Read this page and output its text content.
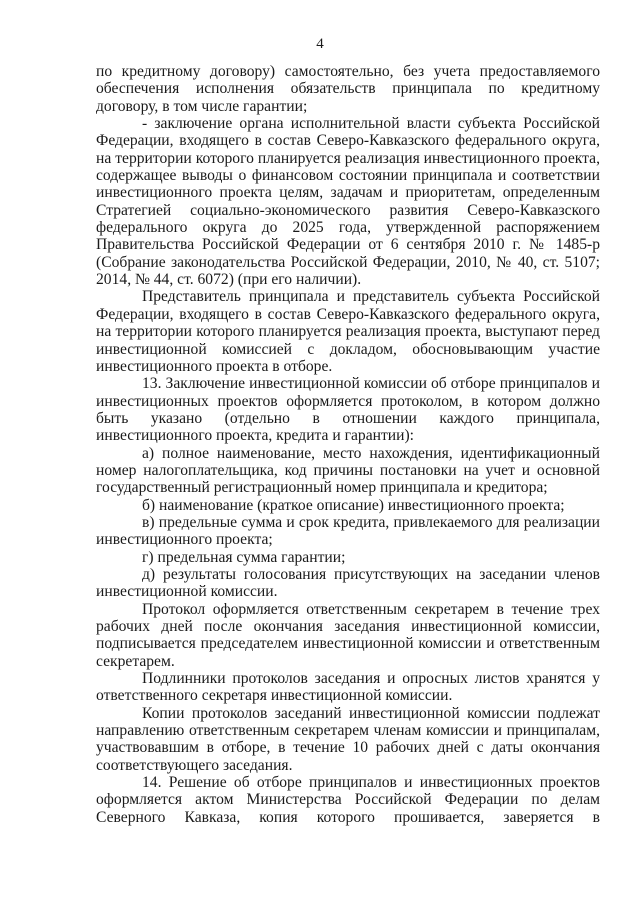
4

по кредитному договору) самостоятельно, без учета предоставляемого обеспечения исполнения обязательств принципала по кредитному договору, в том числе гарантии;

- заключение органа исполнительной власти субъекта Российской Федерации, входящего в состав Северо-Кавказского федерального округа, на территории которого планируется реализация инвестиционного проекта, содержащее выводы о финансовом состоянии принципала и соответствии инвестиционного проекта целям, задачам и приоритетам, определенным Стратегией социально-экономического развития Северо-Кавказского федерального округа до 2025 года, утвержденной распоряжением Правительства Российской Федерации от 6 сентября 2010 г. № 1485-р (Собрание законодательства Российской Федерации, 2010, № 40, ст. 5107; 2014, № 44, ст. 6072) (при его наличии).

Представитель принципала и представитель субъекта Российской Федерации, входящего в состав Северо-Кавказского федерального округа, на территории которого планируется реализация проекта, выступают перед инвестиционной комиссией с докладом, обосновывающим участие инвестиционного проекта в отборе.

13. Заключение инвестиционной комиссии об отборе принципалов и инвестиционных проектов оформляется протоколом, в котором должно быть указано (отдельно в отношении каждого принципала, инвестиционного проекта, кредита и гарантии):

а) полное наименование, место нахождения, идентификационный номер налогоплательщика, код причины постановки на учет и основной государственный регистрационный номер принципала и кредитора;

б) наименование (краткое описание) инвестиционного проекта;

в) предельные сумма и срок кредита, привлекаемого для реализации инвестиционного проекта;

г) предельная сумма гарантии;

д) результаты голосования присутствующих на заседании членов инвестиционной комиссии.

Протокол оформляется ответственным секретарем в течение трех рабочих дней после окончания заседания инвестиционной комиссии, подписывается председателем инвестиционной комиссии и ответственным секретарем.

Подлинники протоколов заседания и опросных листов хранятся у ответственного секретаря инвестиционной комиссии.

Копии протоколов заседаний инвестиционной комиссии подлежат направлению ответственным секретарем членам комиссии и принципалам, участвовавшим в отборе, в течение 10 рабочих дней с даты окончания соответствующего заседания.

14. Решение об отборе принципалов и инвестиционных проектов оформляется актом Министерства Российской Федерации по делам Северного Кавказа, копия которого прошивается, заверяется в
